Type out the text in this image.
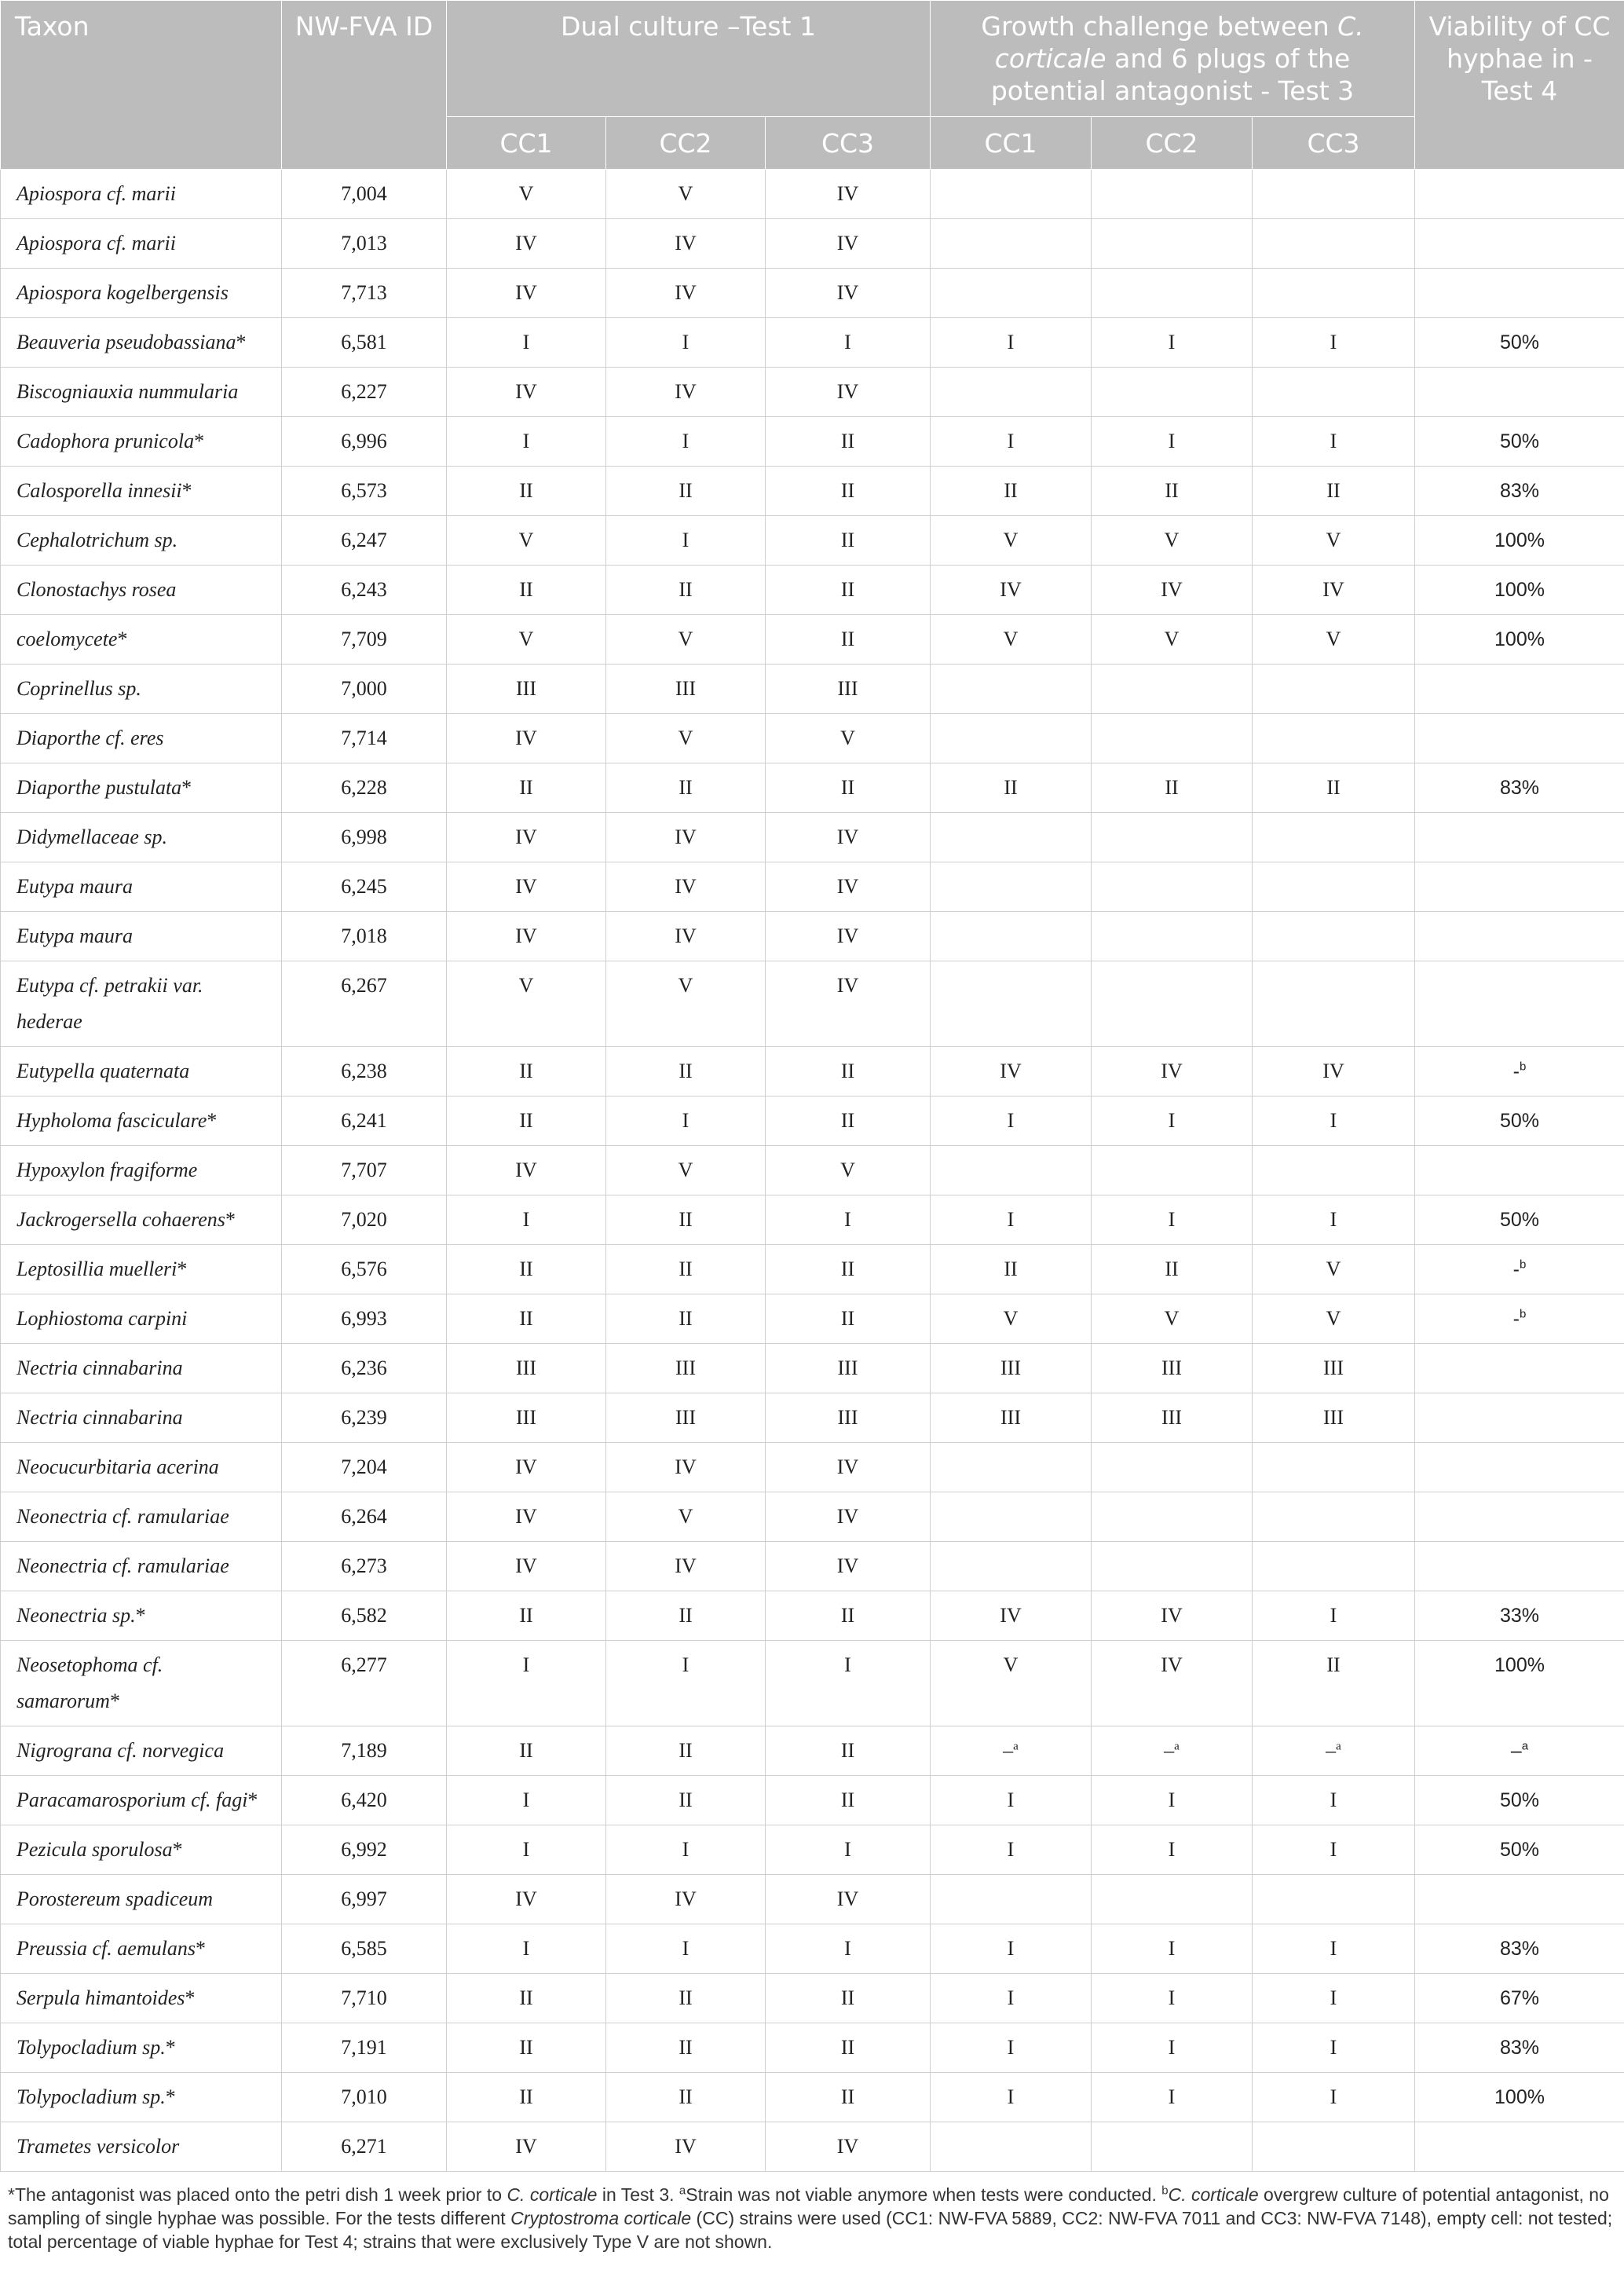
Taxon	NW-FVA ID	Dual culture –Test 1			Growth challenge between C. corticale and 6 plugs of the potential antagonist - Test 3			Viability of CC hyphae in -Test 4
		CC1	CC2	CC3	CC1	CC2	CC3	
Apiospora cf. marii	7,004	V	V	IV				
Apiospora cf. marii	7,013	IV	IV	IV				
Apiospora kogelbergensis	7,713	IV	IV	IV				
Beauveria pseudobassiana*	6,581	I	I	I	I	I	I	50%
Biscogniauxia nummularia	6,227	IV	IV	IV				
Cadophora prunicola*	6,996	I	I	II	I	I	I	50%
Calosporella innesii*	6,573	II	II	II	II	II	II	83%
Cephalotrichum sp.	6,247	V	I	II	V	V	V	100%
Clonostachys rosea	6,243	II	II	II	IV	IV	IV	100%
coelomycete*	7,709	V	V	II	V	V	V	100%
Coprinellus sp.	7,000	III	III	III				
Diaporthe cf. eres	7,714	IV	V	V				
Diaporthe pustulata*	6,228	II	II	II	II	II	II	83%
Didymellaceae sp.	6,998	IV	IV	IV				
Eutypa maura	6,245	IV	IV	IV				
Eutypa maura	7,018	IV	IV	IV				
Eutypa cf. petrakii var. hederae	6,267	V	V	IV				
Eutypella quaternata	6,238	II	II	II	IV	IV	IV	-$^b$
Hypholoma fasciculare*	6,241	II	I	II	I	I	I	50%
Hypoxylon fragiforme	7,707	IV	V	V				
Jackrogersella cohaerens*	7,020	I	II	I	I	I	I	50%
Leptosillia muelleri*	6,576	II	II	II	II	II	V	-$^b$
Lophiostoma carpini	6,993	II	II	II	V	V	V	-$^b$
Nectria cinnabarina	6,236	III	III	III	III	III	III	
Nectria cinnabarina	6,239	III	III	III	III	III	III	
Neocucurbitaria acerina	7,204	IV	IV	IV				
Neonectria cf. ramulariae	6,264	IV	V	IV				
Neonectria cf. ramulariae	6,273	IV	IV	IV				
Neonectria sp.*	6,582	II	II	II	IV	IV	I	33%
Neosetophoma cf. samarorum*	6,277	I	I	I	V	IV	II	100%
Nigrograna cf. norvegica	7,189	II	II	II	–$^a$	–$^a$	–$^a$	–$^a$
Paracamarosporium cf. fagi*	6,420	I	II	II	I	I	I	50%
Pezicula sporulosa*	6,992	I	I	I	I	I	I	50%
Porostereum spadiceum	6,997	IV	IV	IV				
Preussia cf. aemulans*	6,585	I	I	I	I	I	I	83%
Serpula himantoides*	7,710	II	II	II	I	I	I	67%
Tolypocladium sp.*	7,191	II	II	II	I	I	I	83%
Tolypocladium sp.*	7,010	II	II	II	I	I	I	100%
Trametes versicolor	6,271	IV	IV	IV				
*The antagonist was placed onto the petri dish 1 week prior to C. corticale in Test 3. $^a$Strain was not viable anymore when tests were conducted. $^b$C. corticale overgrew culture of potential antagonist, no sampling of single hyphae was possible. For the tests different Cryptostroma corticale (CC) strains were used (CC1: NW-FVA 5889, CC2: NW-FVA 7011 and CC3: NW-FVA 7148), empty cell: not tested; total percentage of viable hyphae for Test 4; strains that were exclusively Type V are not shown.
